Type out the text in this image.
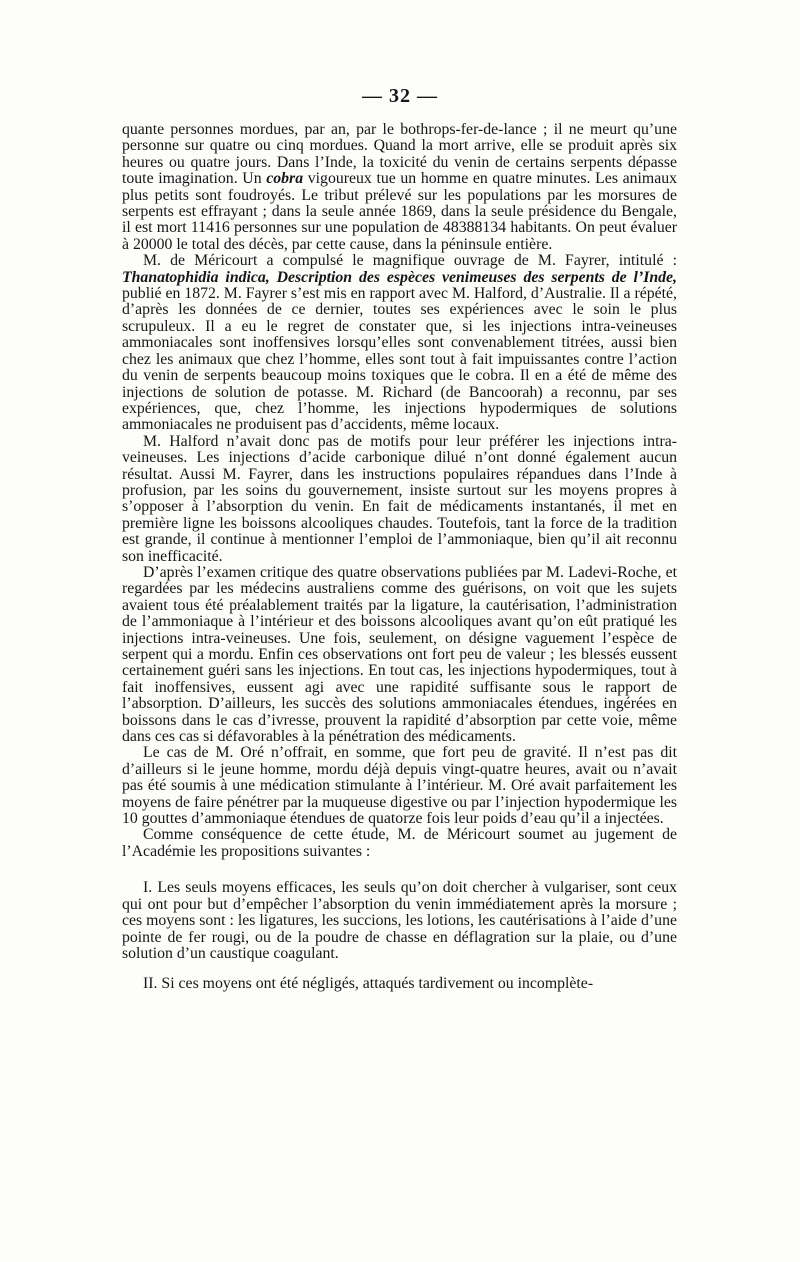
— 32 —

quante personnes mordues, par an, par le bothrops-fer-de-lance ; il ne meurt qu’une personne sur quatre ou cinq mordues. Quand la mort arrive, elle se produit après six heures ou quatre jours. Dans l’Inde, la toxicité du venin de certains serpents dépasse toute imagination. Un cobra vigoureux tue un homme en quatre minutes. Les animaux plus petits sont foudroyés. Le tribut prélevé sur les populations par les morsures de serpents est effrayant ; dans la seule année 1869, dans la seule présidence du Bengale, il est mort 11416 personnes sur une population de 48388134 habitants. On peut évaluer à 20000 le total des décès, par cette cause, dans la péninsule entière.

M. de Méricourt a compulsé le magnifique ouvrage de M. Fayrer, intitulé : Thanatophidia indica, Description des espèces venimeuses des serpents de l’Inde, publié en 1872. M. Fayrer s’est mis en rapport avec M. Halford, d’Australie. Il a répété, d’après les données de ce dernier, toutes ses expériences avec le soin le plus scrupuleux. Il a eu le regret de constater que, si les injections intra-veineuses ammoniacales sont inoffensives lorsqu’elles sont convenablement titrées, aussi bien chez les animaux que chez l’homme, elles sont tout à fait impuissantes contre l’action du venin de serpents beaucoup moins toxiques que le cobra. Il en a été de même des injections de solution de potasse. M. Richard (de Bancoorah) a reconnu, par ses expériences, que, chez l’homme, les injections hypodermiques de solutions ammoniacales ne produisent pas d’accidents, même locaux.

M. Halford n’avait donc pas de motifs pour leur préférer les injections intra-veineuses. Les injections d’acide carbonique dilué n’ont donné également aucun résultat. Aussi M. Fayrer, dans les instructions populaires répandues dans l’Inde à profusion, par les soins du gouvernement, insiste surtout sur les moyens propres à s’opposer à l’absorption du venin. En fait de médicaments instantanés, il met en première ligne les boissons alcooliques chaudes. Toutefois, tant la force de la tradition est grande, il continue à mentionner l’emploi de l’ammoniaque, bien qu’il ait reconnu son inefficacité.

D’après l’examen critique des quatre observations publiées par M. Ladevi-Roche, et regardées par les médecins australiens comme des guérisons, on voit que les sujets avaient tous été préalablement traités par la ligature, la cautérisation, l’administration de l’ammoniaque à l’intérieur et des boissons alcooliques avant qu’on eût pratiqué les injections intra-veineuses. Une fois, seulement, on désigne vaguement l’espèce de serpent qui a mordu. Enfin ces observations ont fort peu de valeur ; les blessés eussent certainement guéri sans les injections. En tout cas, les injections hypodermiques, tout à fait inoffensives, eussent agi avec une rapidité suffisante sous le rapport de l’absorption. D’ailleurs, les succès des solutions ammoniacales étendues, ingérées en boissons dans le cas d’ivresse, prouvent la rapidité d’absorption par cette voie, même dans ces cas si défavorables à la pénétration des médicaments.

Le cas de M. Oré n’offrait, en somme, que fort peu de gravité. Il n’est pas dit d’ailleurs si le jeune homme, mordu déjà depuis vingt-quatre heures, avait ou n’avait pas été soumis à une médication stimulante à l’intérieur. M. Oré avait parfaitement les moyens de faire pénétrer par la muqueuse digestive ou par l’injection hypodermique les 10 gouttes d’ammoniaque étendues de quatorze fois leur poids d’eau qu’il a injectées.

Comme conséquence de cette étude, M. de Méricourt soumet au jugement de l’Académie les propositions suivantes :

I. Les seuls moyens efficaces, les seuls qu’on doit chercher à vulgariser, sont ceux qui ont pour but d’empêcher l’absorption du venin immédiatement après la morsure ; ces moyens sont : les ligatures, les succions, les lotions, les cautérisations à l’aide d’une pointe de fer rougi, ou de la poudre de chasse en déflagration sur la plaie, ou d’une solution d’un caustique coagulant.

II. Si ces moyens ont été négligés, attaqués tardivement ou incomplète-
